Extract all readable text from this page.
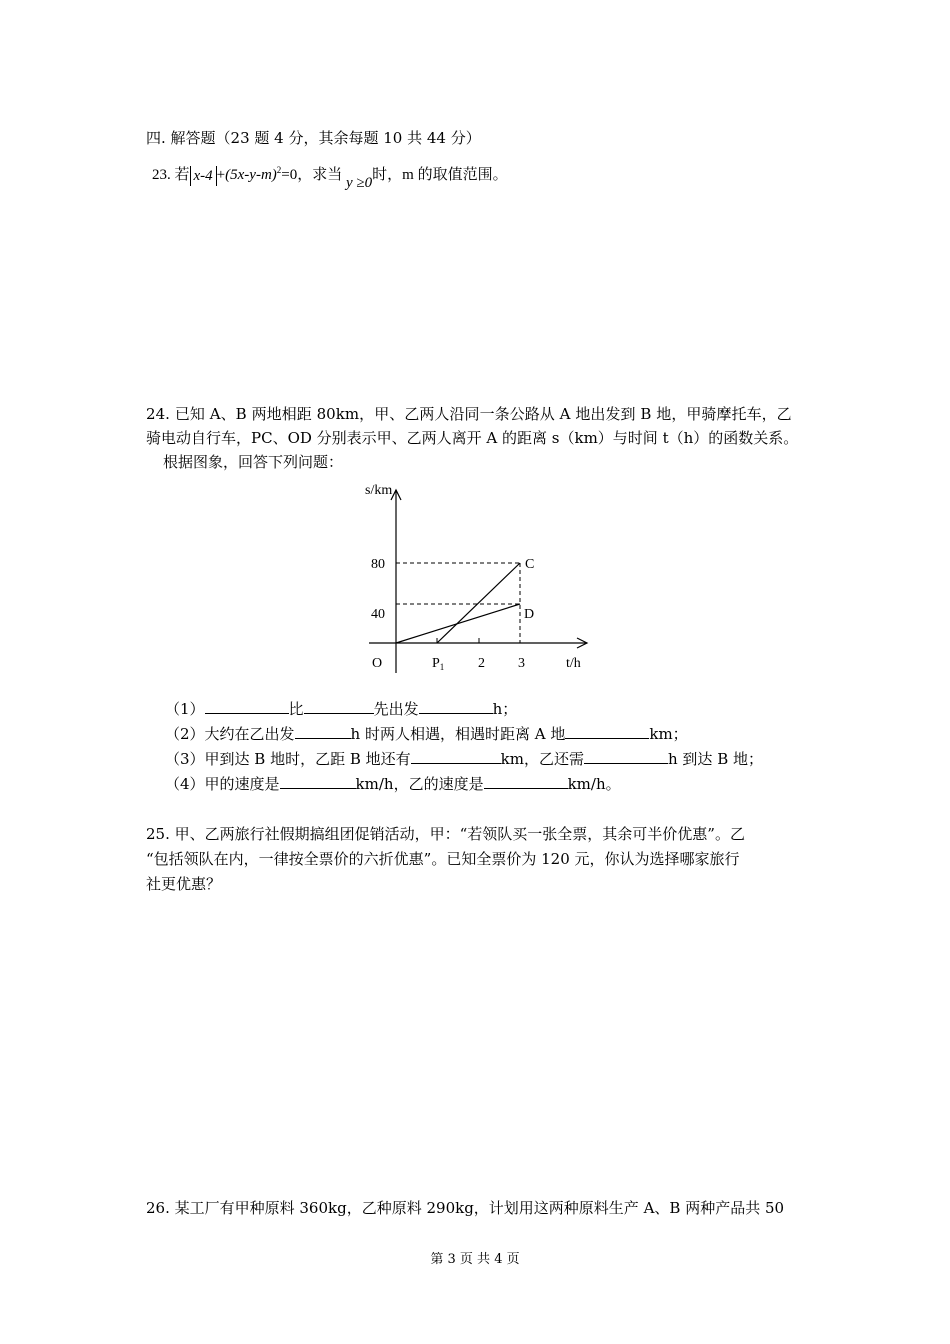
四. 解答题（23 题 4 分，其余每题 10 共 44 分）
23. 若 $x-4 +(5x-y-m)^2=0$，求当 y ≥0时，m 的取值范围。
24. 已知 A、B 两地相距 80km，甲、乙两人沿同一条公路从 A 地出发到 B 地，甲骑摩托车，乙
骑电动自行车，PC、OD 分别表示甲、乙两人离开 A 的距离 s（km）与时间 t（h）的函数关系。
根据图象，回答下列问题：
s/km
80
40
C
D
O	$P_1$ 2 3	t/h
（1）	比	先出发	h；
（2）大约在乙出发	h 时两人相遇，相遇时距离 A 地	km；
（3）甲到达 B 地时，乙距 B 地还有	km，乙还需	h 到达 B 地；
（4）甲的速度是	km/h，乙的速度是	km/h。
25. 甲、乙两旅行社假期搞组团促销活动，甲：“若领队买一张全票，其余可半价优惠”。乙
“包括领队在内，一律按全票价的六折优惠”。已知全票价为 120 元，你认为选择哪家旅行
社更优惠？
26. 某工厂有甲种原料 360kg，乙种原料 290kg，计划用这两种原料生产 A、B 两种产品共 50
第 3 页 共 4 页
